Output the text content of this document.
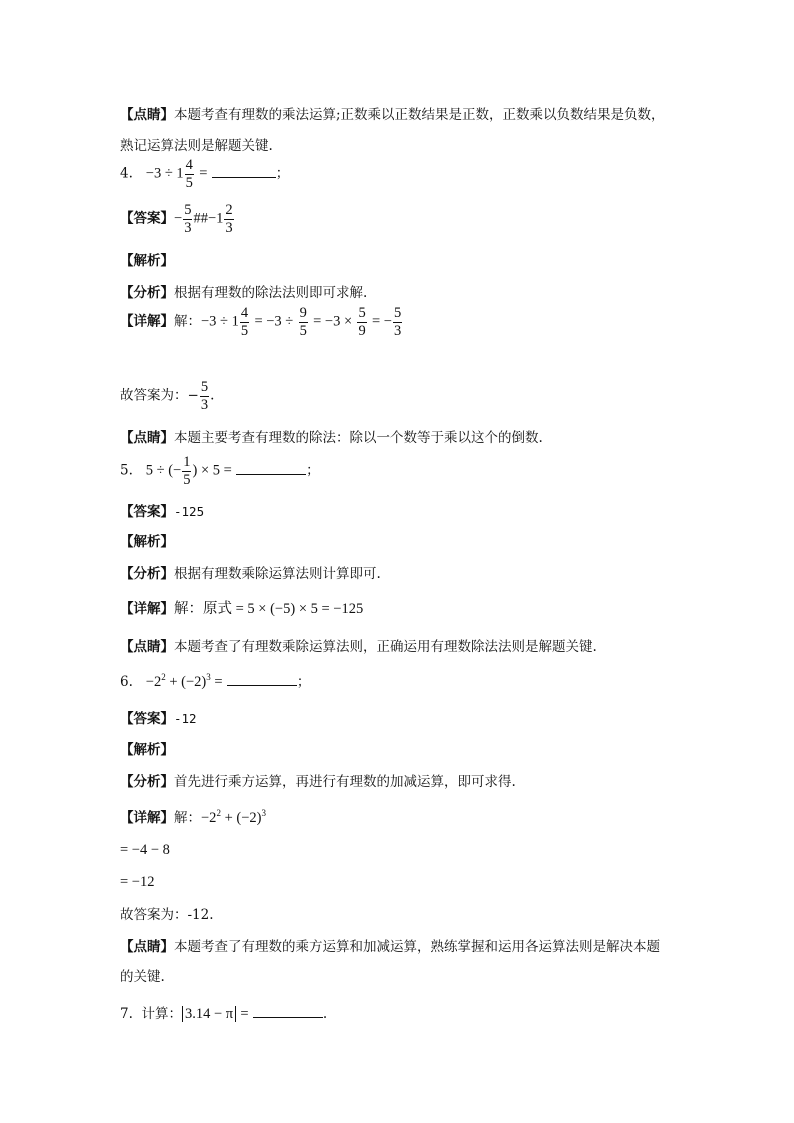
【点睛】本题考查有理数的乘法运算;正数乘以正数结果是正数，正数乘以负数结果是负数，
熟记运算法则是解题关键.
4. $-3 \div 1 \frac{4}{5}$ =	；
【答案】− $\frac{5}{3}$ ##−1 $\frac{2}{3}$
【解析】
【分析】根据有理数的除法法则即可求解.
【详解】解：$-3 \div 1 \frac{4}{5} = -3 \div \frac{9}{5} = -3 \times \frac{5}{9}$ = − $\frac{5}{3}$
故答案为：− $\frac{5}{3}$ .
【点睛】本题主要考查有理数的除法：除以一个数等于乘以这个的倒数.
5. 5 ÷ (− $\frac{1}{5}$ ) × 5 =	；
【答案】-125
【解析】
【分析】根据有理数乘除运算法则计算即可.
【详解】解：原式 = 5 × (−5) × 5 = −125
【点睛】本题考查了有理数乘除运算法则，正确运用有理数除法法则是解题关键.
6. $-2^2 + (-2)^3$ =	；
【答案】-12
【解析】
【分析】首先进行乘方运算，再进行有理数的加减运算，即可求得.
【详解】解：$-2^2 + (-2)^3$
= −4 − 8
= −12
故答案为：-12.
【点睛】本题考查了有理数的乘方运算和加减运算，熟练掌握和运用各运算法则是解决本题
的关键.
7. 计算： 3.14 − π =	.
